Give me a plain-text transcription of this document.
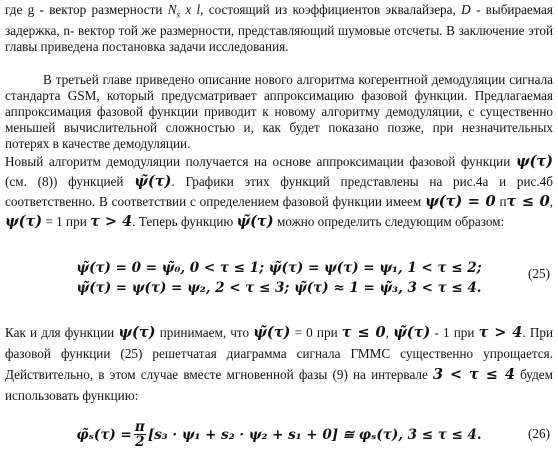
где g - вектор размерности $N_s$ x l, состоящий из коэффициентов эквалайзера, D - выбираемая задержка, n- вектор той же размерности, представляющий шумовые отсчеты. В заключение этой главы приведена постановка задачи исследования.

В третьей главе приведено описание нового алгоритма когерентной демодуляции сигнала стандарта GSM, который предусматривает аппроксимацию фазовой функции. Предлагаемая аппроксимация фазовой функции приводит к новому алгоритму демодуляции, с существенно меньшей вычислительной сложностью и, как будет показано позже, при незначительных потерях в качестве демодуляции.

Новый алгоритм демодуляции получается на основе аппроксимации фазовой функции ψ(τ) (см. (8)) функцией ψ̃(τ). Графики этих функций представлены на рис.4а и рис.4б соответственно. В соответствии с определением фазовой функции имеем ψ(τ) = 0 пτ ≤ 0, ψ(τ) = 1 при τ > 4. Теперь функцию ψ̃(τ) можно определить следующим образом:

ψ̃(τ) = 0 = ψ̃₀, 0 < τ ≤ 1; ψ̃(τ) = ψ(τ) = ψ₁, 1 < τ ≤ 2;
ψ̃(τ) = ψ(τ) = ψ₂, 2 < τ ≤ 3; ψ̃(τ) ≈ 1 = ψ̃₃, 3 < τ ≤ 4.
(25)

Как и для функции ψ(τ) принимаем, что ψ̃(τ) = 0 при τ ≤ 0, ψ̃(τ) - 1 при τ > 4. При фазовой функции (25) решетчатая диаграмма сигнала ГММС существенно упрощается. Действительно, в этом случае вместе мгновенной фазы (9) на интервале 3 < τ ≤ 4 будем использовать функцию:

φ̃ₛ(τ) = π
2 [s₃ · ψ₁ + s₂ · ψ₂ + s₁ + 0] ≅ φₛ(τ), 3 ≤ τ ≤ 4.	(26)
